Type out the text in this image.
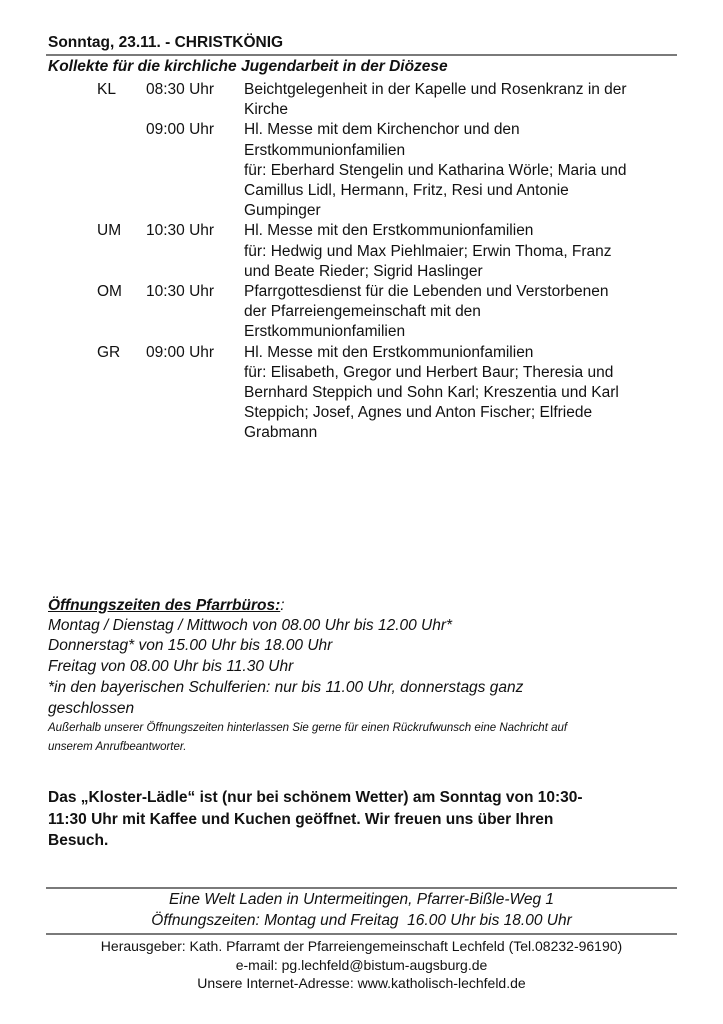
Sonntag, 23.11. - CHRISTKÖNIG
Kollekte für die kirchliche Jugendarbeit in der Diözese
KL 08:30 Uhr Beichtgelegenheit in der Kapelle und Rosenkranz in der
Kirche
09:00 Uhr Hl. Messe mit dem Kirchenchor und den
Erstkommunionfamilien
für: Eberhard Stengelin und Katharina Wörle; Maria und
Camillus Lidl, Hermann, Fritz, Resi und Antonie
Gumpinger
UM 10:30 Uhr Hl. Messe mit den Erstkommunionfamilien
für: Hedwig und Max Piehlmaier; Erwin Thoma, Franz
und Beate Rieder; Sigrid Haslinger
OM 10:30 Uhr Pfarrgottesdienst für die Lebenden und Verstorbenen
der Pfarreiengemeinschaft mit den
Erstkommunionfamilien
GR 09:00 Uhr Hl. Messe mit den Erstkommunionfamilien
für: Elisabeth, Gregor und Herbert Baur; Theresia und
Bernhard Steppich und Sohn Karl; Kreszentia und Karl
Steppich; Josef, Agnes und Anton Fischer; Elfriede
Grabmann
Öffnungszeiten des Pfarrbüros::
Montag / Dienstag / Mittwoch von 08.00 Uhr bis 12.00 Uhr*
Donnerstag* von 15.00 Uhr bis 18.00 Uhr
Freitag von 08.00 Uhr bis 11.30 Uhr
*in den bayerischen Schulferien: nur bis 11.00 Uhr, donnerstags ganz
geschlossen
Außerhalb unserer Öffnungszeiten hinterlassen Sie gerne für einen Rückrufwunsch eine Nachricht auf
unserem Anrufbeantworter.
Das „Kloster-Lädle“ ist (nur bei schönem Wetter) am Sonntag von 10:30-
11:30 Uhr mit Kaffee und Kuchen geöffnet. Wir freuen uns über Ihren
Besuch.
Eine Welt Laden in Untermeitingen, Pfarrer-Bißle-Weg 1
Öffnungszeiten: Montag und Freitag  16.00 Uhr bis 18.00 Uhr
Herausgeber: Kath. Pfarramt der Pfarreiengemeinschaft Lechfeld (Tel.08232-96190)
e-mail: pg.lechfeld@bistum-augsburg.de
Unsere Internet-Adresse: www.katholisch-lechfeld.de
